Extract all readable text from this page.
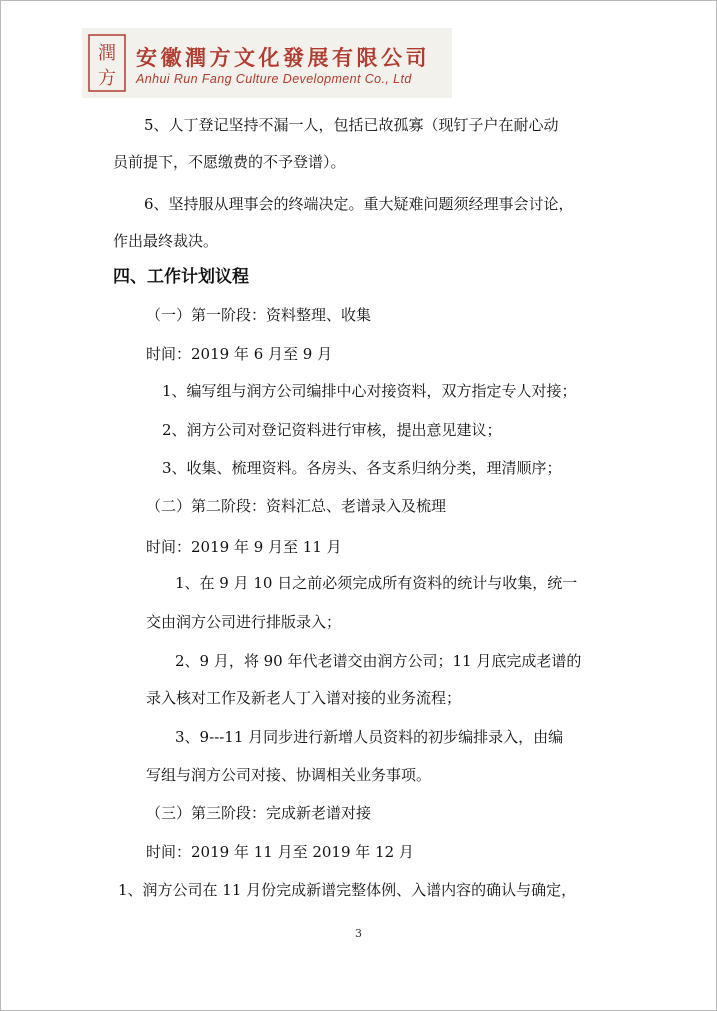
潤
方
安徽潤方文化發展有限公司
Anhui Run Fang Culture Development Co., Ltd
5、人丁登记坚持不漏一人，包括已故孤寡（现钉子户在耐心动
员前提下，不愿缴费的不予登谱）。
6、坚持服从理事会的终端决定。重大疑难问题须经理事会讨论，
作出最终裁决。
四、工作计划议程
（一）第一阶段：资料整理、收集
时间：2019 年 6 月至 9 月
1、编写组与润方公司编排中心对接资料，双方指定专人对接；
2、润方公司对登记资料进行审核，提出意见建议；
3、收集、梳理资料。各房头、各支系归纳分类，理清顺序；
（二）第二阶段：资料汇总、老谱录入及梳理
时间：2019 年 9 月至 11 月
1、在 9 月 10 日之前必须完成所有资料的统计与收集，统一
交由润方公司进行排版录入；
2、9 月，将 90 年代老谱交由润方公司；11 月底完成老谱的
录入核对工作及新老人丁入谱对接的业务流程；
3、9---11 月同步进行新增人员资料的初步编排录入，由编
写组与润方公司对接、协调相关业务事项。
（三）第三阶段：完成新老谱对接
时间：2019 年 11 月至 2019 年 12 月
1、润方公司在 11 月份完成新谱完整体例、入谱内容的确认与确定，
3
